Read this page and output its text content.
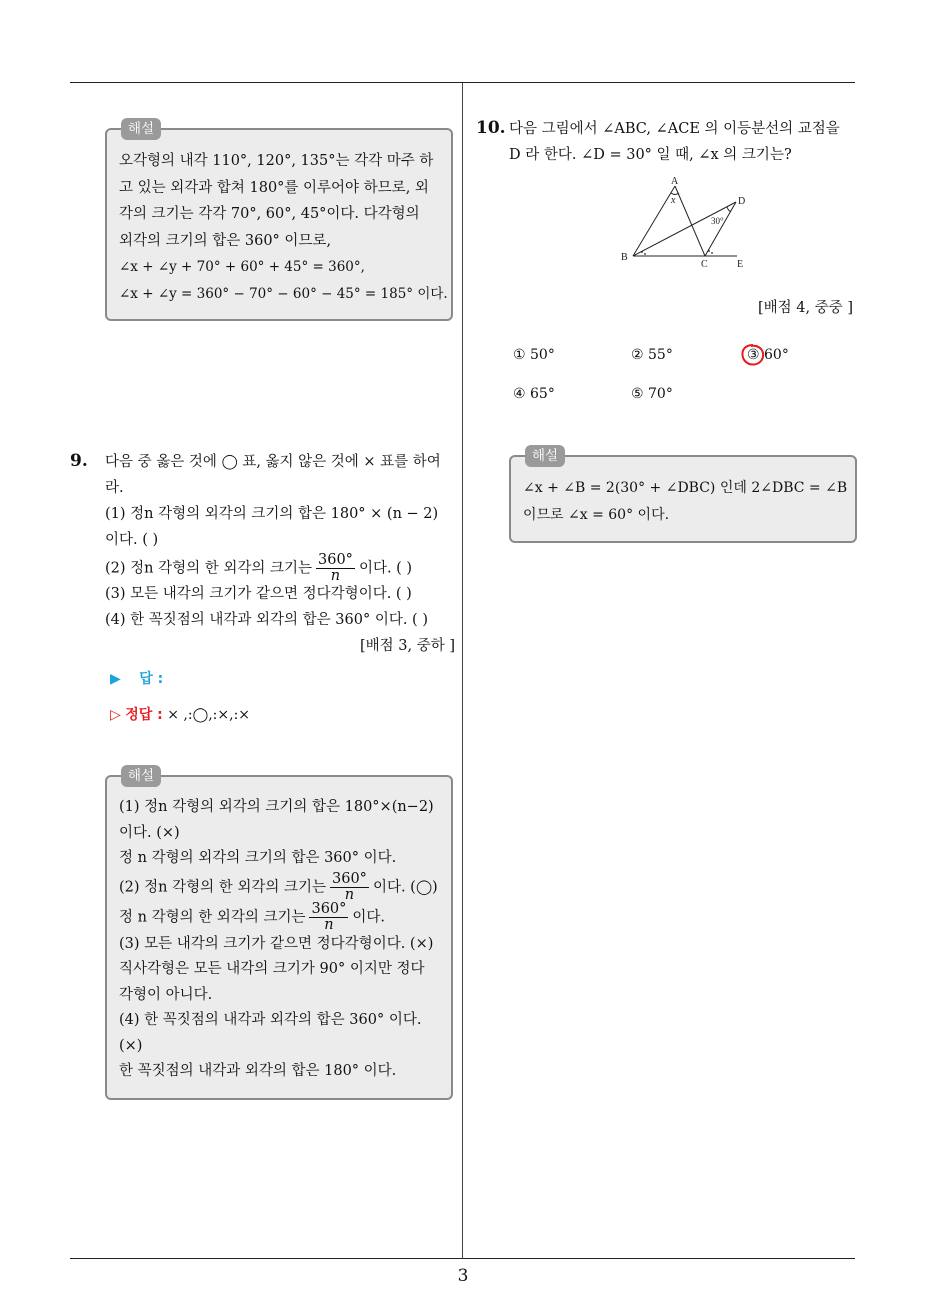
해설
오각형의 내각 110°, 120°, 135°는 각각 마주 하
고 있는 외각과 합쳐 180°를 이루어야 하므로, 외
각의 크기는 각각 70°, 60°, 45°이다. 다각형의
외각의 크기의 합은 360° 이므로,
∠x + ∠y + 70° + 60° + 45° = 360°,
∠x + ∠y = 360° − 70° − 60° − 45° = 185° 이다.
9. 다음 중 옳은 것에 ◯ 표, 옳지 않은 것에 × 표를 하여
라.
(1) 정n 각형의 외각의 크기의 합은 180° × (n − 2)
이다. ( )
(2) 정n 각형의 한 외각의 크기는 $\frac{360^\circ}{n}$ 이다. ( )
(3) 모든 내각의 크기가 같으면 정다각형이다. ( )
(4) 한 꼭짓점의 내각과 외각의 합은 360° 이다. ( )
[배점 3, 중하 ]
▶ 답 :
▷ 정답 : × ,:◯,:×,:×
해설
(1) 정n 각형의 외각의 크기의 합은 180°×(n−2)
이다. (×)
정 n 각형의 외각의 크기의 합은 360° 이다.
(2) 정n 각형의 한 외각의 크기는 $\frac{360^\circ}{n}$ 이다. (◯)
정 n 각형의 한 외각의 크기는 $\frac{360^\circ}{n}$ 이다.
(3) 모든 내각의 크기가 같으면 정다각형이다. (×)
직사각형은 모든 내각의 크기가 90° 이지만 정다
각형이 아니다.
(4) 한 꼭짓점의 내각과 외각의 합은 360° 이다.
(×)
한 꼭짓점의 내각과 외각의 합은 180° 이다.
10. 다음 그림에서 ∠ABC, ∠ACE 의 이등분선의 교점을
D 라 한다. ∠D = 30° 일 때, ∠x 의 크기는?
A
B
C
D
E
x
30°
[배점 4, 중중 ]
① 50°	② 55°	③ 60°
④ 65°	⑤ 70°
해설
∠x + ∠B = 2(30° + ∠DBC) 인데 2∠DBC = ∠B
이므로 ∠x = 60° 이다.
3
